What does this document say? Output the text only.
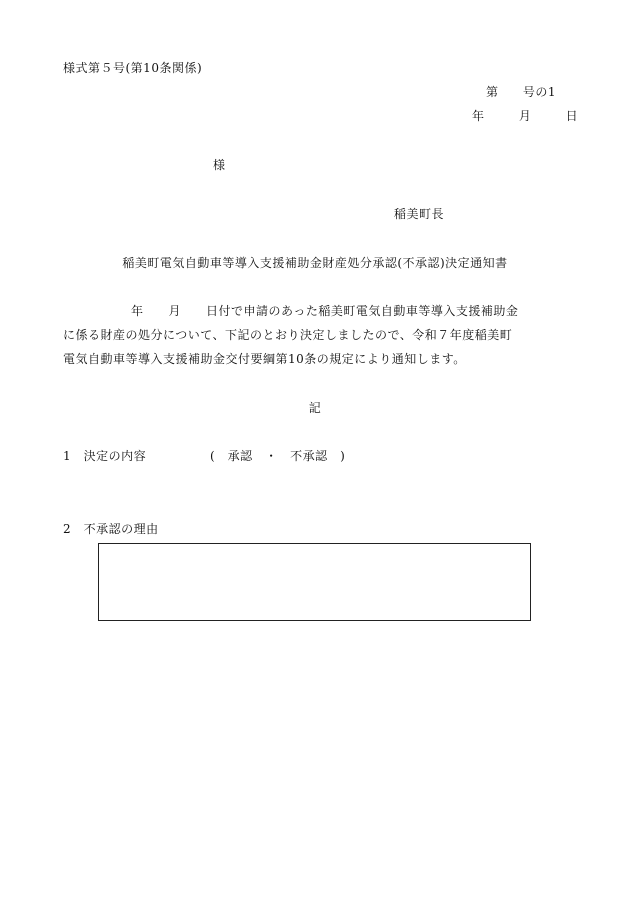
様式第５号(第10条関係)
第 号の1
年 月 日
様
稲美町長
稲美町電気自動車等導入支援補助金財産処分承認(不承認)決定通知書
年　　月　　日付で申請のあった稲美町電気自動車等導入支援補助金
に係る財産の処分について、下記のとおり決定しましたので、令和７年度稲美町
電気自動車等導入支援補助金交付要綱第10条の規定により通知します。
記
1　決定の内容	(　承認　・　不承認　)
2　不承認の理由
